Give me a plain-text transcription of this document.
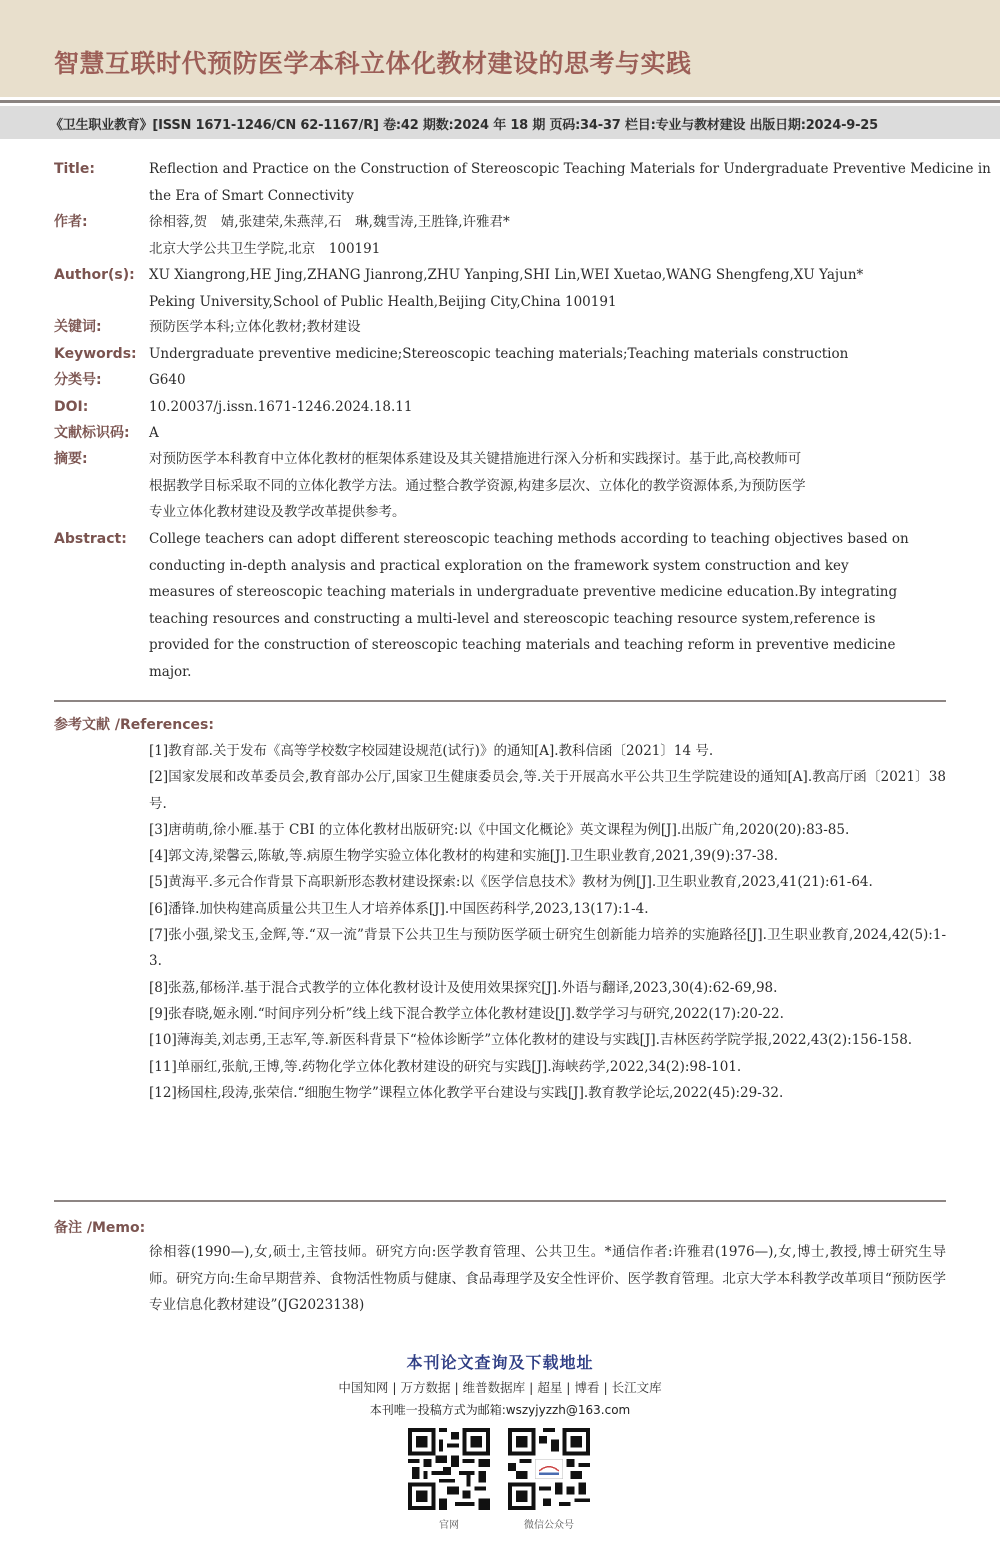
智慧互联时代预防医学本科立体化教材建设的思考与实践
《卫生职业教育》[ISSN 1671-1246/CN 62-1167/R] 卷:42 期数:2024 年 18 期 页码:34-37 栏目:专业与教材建设 出版日期:2024-9-25
Title:	Reflection and Practice on the Construction of Stereoscopic Teaching Materials for Undergraduate Preventive Medicine in
the Era of Smart Connectivity
作者:	徐相蓉,贺　婧,张建荣,朱燕萍,石　琳,魏雪涛,王胜锋,许雅君*
北京大学公共卫生学院,北京　100191
Author(s): XU Xiangrong,HE Jing,ZHANG Jianrong,ZHU Yanping,SHI Lin,WEI Xuetao,WANG Shengfeng,XU Yajun*
Peking University,School of Public Health,Beijing City,China 100191
关键词:	预防医学本科;立体化教材;教材建设
Keywords: Undergraduate preventive medicine;Stereoscopic teaching materials;Teaching materials construction
分类号:	G640
DOI:	10.20037/j.issn.1671-1246.2024.18.11
文献标识码: A
摘要:	对预防医学本科教育中立体化教材的框架体系建设及其关键措施进行深入分析和实践探讨。基于此,高校教师可
根据教学目标采取不同的立体化教学方法。通过整合教学资源,构建多层次、立体化的教学资源体系,为预防医学
专业立体化教材建设及教学改革提供参考。
Abstract: College teachers can adopt different stereoscopic teaching methods according to teaching objectives based on
conducting in-depth analysis and practical exploration on the framework system construction and key
measures of stereoscopic teaching materials in undergraduate preventive medicine education.By integrating
teaching resources and constructing a multi-level and stereoscopic teaching resource system,reference is
provided for the construction of stereoscopic teaching materials and teaching reform in preventive medicine
major.
参考文献 /References:
[1]教育部.关于发布《高等学校数字校园建设规范(试行)》的通知[A].教科信函〔2021〕14 号.
[2]国家发展和改革委员会,教育部办公厅,国家卫生健康委员会,等.关于开展高水平公共卫生学院建设的通知[A].教高厅函〔2021〕38 号.
[3]唐萌萌,徐小雁.基于 CBI 的立体化教材出版研究:以《中国文化概论》英文课程为例[J].出版广角,2020(20):83-85.
[4]郭文涛,梁馨云,陈敏,等.病原生物学实验立体化教材的构建和实施[J].卫生职业教育,2021,39(9):37-38.
[5]黄海平.多元合作背景下高职新形态教材建设探索:以《医学信息技术》教材为例[J].卫生职业教育,2023,41(21):61-64.
[6]潘锋.加快构建高质量公共卫生人才培养体系[J].中国医药科学,2023,13(17):1-4.
[7]张小强,梁戈玉,金辉,等.“双一流”背景下公共卫生与预防医学硕士研究生创新能力培养的实施路径[J].卫生职业教育,2024,42(5):1-3.
[8]张荔,郁杨洋.基于混合式教学的立体化教材设计及使用效果探究[J].外语与翻译,2023,30(4):62-69,98.
[9]张春晓,姬永刚.“时间序列分析”线上线下混合教学立体化教材建设[J].数学学习与研究,2022(17):20-22.
[10]薄海美,刘志勇,王志军,等.新医科背景下“检体诊断学”立体化教材的建设与实践[J].吉林医药学院学报,2022,43(2):156-158.
[11]单丽红,张航,王博,等.药物化学立体化教材建设的研究与实践[J].海峡药学,2022,34(2):98-101.
[12]杨国柱,段涛,张荣信.“细胞生物学”课程立体化教学平台建设与实践[J].教育教学论坛,2022(45):29-32.
备注 /Memo:
徐相蓉(1990—),女,硕士,主管技师。研究方向:医学教育管理、公共卫生。*通信作者:许雅君(1976—),女,博士,教授,博士研究生导师。研究方向:生命早期营养、食物活性物质与健康、食品毒理学及安全性评价、医学教育管理。北京大学本科教学改革项目“预防医学专业信息化教材建设”(JG2023138)
本刊论文查询及下载地址
中国知网 | 万方数据 | 维普数据库 | 超星 | 博看 | 长江文库
本刊唯一投稿方式为邮箱:wszyjyzzh@163.com
官网	微信公众号
